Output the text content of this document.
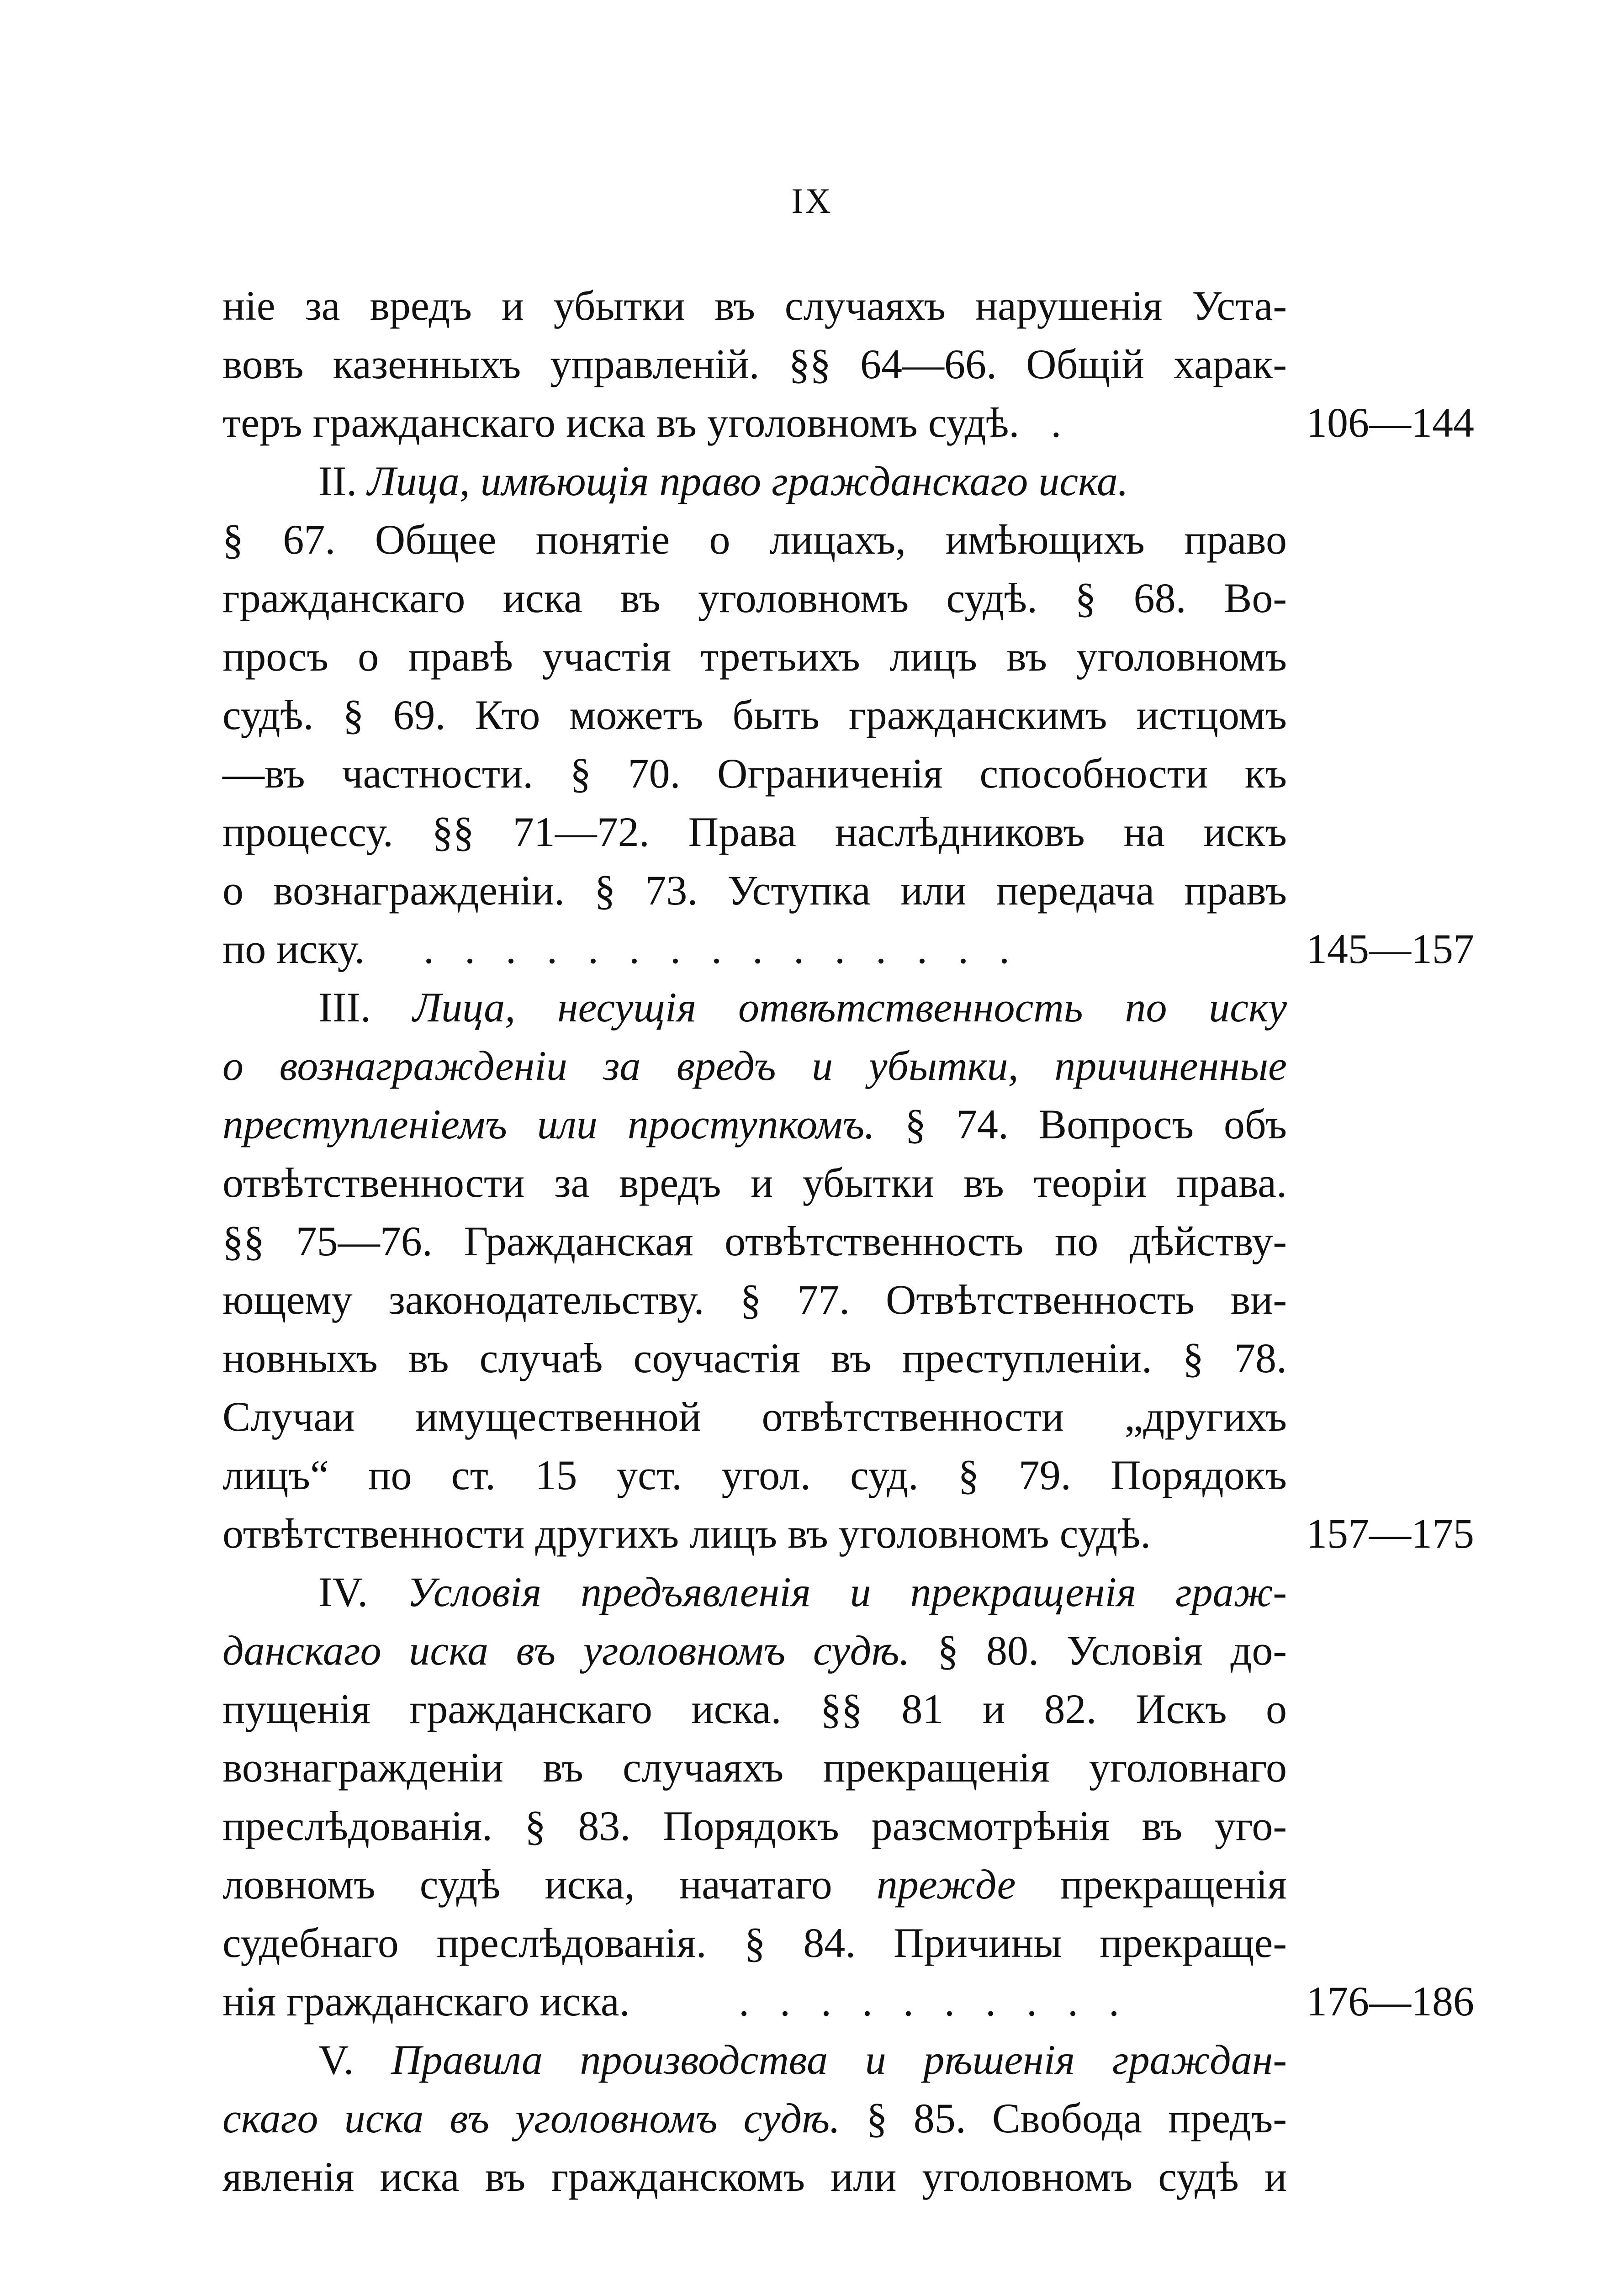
IX
ніе за вредъ и убытки въ случаяхъ нарушенія Уста-
вовъ казенныхъ управленій. §§ 64—66. Общій харак-
теръ гражданскаго иска въ уголовномъ судѣ.   .	106—144
II. Лица, имѣющія право гражданскаго иска.
§ 67. Общее понятіе о лицахъ, имѣющихъ право
гражданскаго иска въ уголовномъ судѣ. § 68. Во-
просъ о правѣ участія третьихъ лицъ въ уголовномъ
судѣ. § 69. Кто можетъ быть гражданскимъ истцомъ
—въ частности. § 70. Ограниченія способности къ
процессу. §§ 71—72. Права наслѣдниковъ на искъ
о вознагражденіи. § 73. Уступка или передача правъ
по иску. . . . . . . . . . . . . . . .	145—157
III. Лица, несущія отвѣтственность по иску
о вознагражденіи за вредъ и убытки, причиненные
преступленіемъ или проступкомъ. § 74. Вопросъ объ
отвѣтственности за вредъ и убытки въ теоріи права.
§§ 75—76. Гражданская отвѣтственность по дѣйству-
ющему законодательству. § 77. Отвѣтственность ви-
новныхъ въ случаѣ соучастія въ преступленіи. § 78.
Случаи имущественной отвѣтственности „другихъ
лицъ“ по ст. 15 уст. угол. суд. § 79. Порядокъ
отвѣтственности другихъ лицъ въ уголовномъ судѣ.	157—175
IV. Условія предъявленія и прекращенія граж-
данскаго иска въ уголовномъ судѣ. § 80. Условія до-
пущенія гражданскаго иска. §§ 81 и 82. Искъ о
вознагражденіи въ случаяхъ прекращенія уголовнаго
преслѣдованія. § 83. Порядокъ разсмотрѣнія въ уго-
ловномъ судѣ иска, начатаго прежде прекращенія
судебнаго преслѣдованія. § 84. Причины прекраще-
нія гражданскаго иска.	. . . . . . . . . .	176—186
V. Правила производства и рѣшенія граждан-
скаго иска въ уголовномъ судѣ. § 85. Свобода предъ-
явленія иска въ гражданскомъ или уголовномъ судѣ и
